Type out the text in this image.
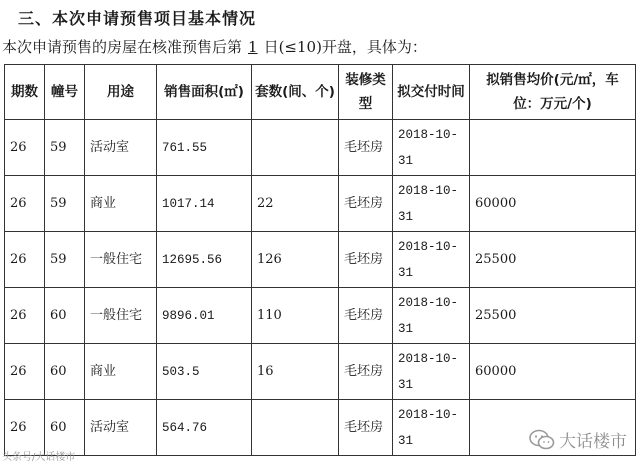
三、本次申请预售项目基本情况
本次申请预售的房屋在核准预售后第 1 日(≤10)开盘，具体为：
期数	幢号	用途	销售面积(㎡)	套数(间、个)	装修类型	拟交付时间	拟销售均价(元/㎡，车位：万元/个)
26	59	活动室	761.55		毛坯房	2018-10-31	
26	59	商业	1017.14	22	毛坯房	2018-10-31	60000
26	59	一般住宅	12695.56	126	毛坯房	2018-10-31	25500
26	60	一般住宅	9896.01	110	毛坯房	2018-10-31	25500
26	60	商业	503.5	16	毛坯房	2018-10-31	60000
26	60	活动室	564.76		毛坯房	2018-10-31	
头条号/大话楼市
大话楼市
